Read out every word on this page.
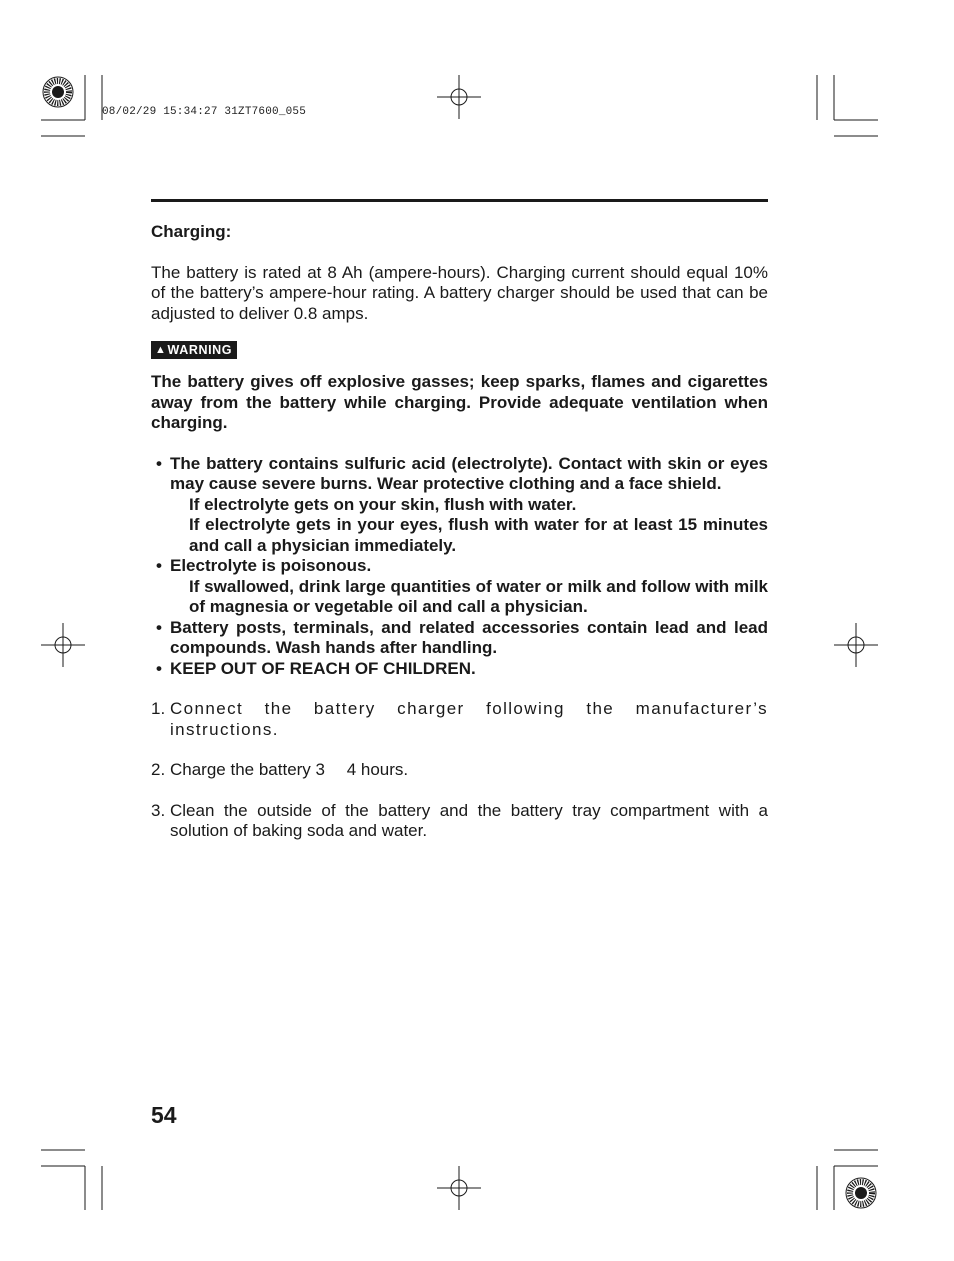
08/02/29 15:34:27 31ZT7600_055
Charging:

The battery is rated at 8 Ah (ampere-hours). Charging current should equal 10% of the battery’s ampere-hour rating. A battery charger should be used that can be adjusted to deliver 0.8 amps.

▲ WARNING

The battery gives off explosive gasses; keep sparks, flames and cigarettes away from the battery while charging. Provide adequate ventilation when charging.

• The battery contains sulfuric acid (electrolyte). Contact with skin or eyes may cause severe burns. Wear protective clothing and a face shield.
If electrolyte gets on your skin, flush with water.
If electrolyte gets in your eyes, flush with water for at least 15 minutes and call a physician immediately.
• Electrolyte is poisonous.
If swallowed, drink large quantities of water or milk and follow with milk of magnesia or vegetable oil and call a physician.
• Battery posts, terminals, and related accessories contain lead and lead compounds. Wash hands after handling.
• KEEP OUT OF REACH OF CHILDREN.
1. Connect the battery charger following the manufacturer’s instructions.
2. Charge the battery 3  4 hours.
3. Clean the outside of the battery and the battery tray compartment with a solution of baking soda and water.
54
